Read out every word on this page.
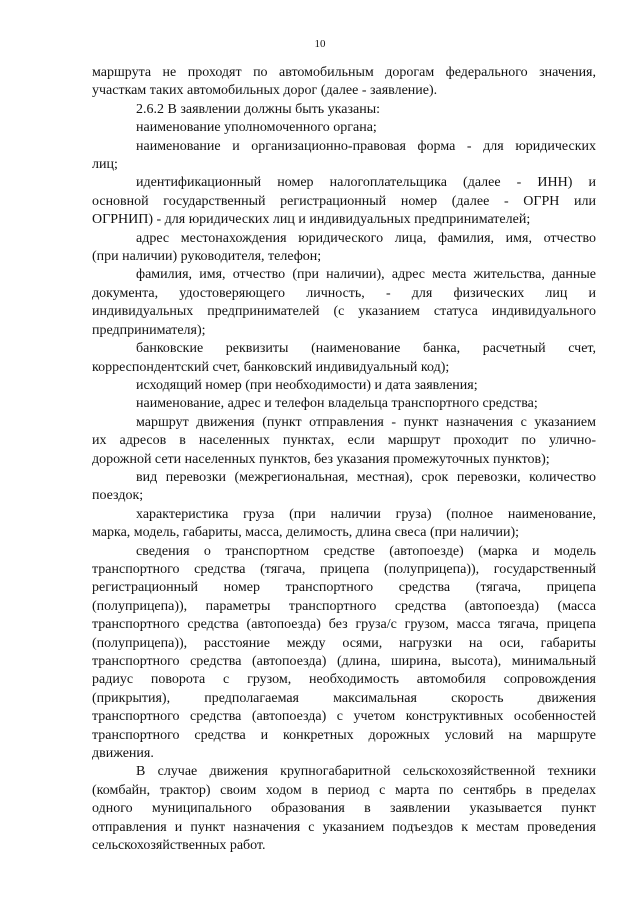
10
маршрута не проходят по автомобильным дорогам федерального значения,
участкам таких автомобильных дорог (далее - заявление).
2.6.2 В заявлении должны быть указаны:
наименование уполномоченного органа;
наименование и организационно-правовая форма - для юридических
лиц;
идентификационный номер налогоплательщика (далее - ИНН) и
основной государственный регистрационный номер (далее - ОГРН или
ОГРНИП) - для юридических лиц и индивидуальных предпринимателей;
адрес местонахождения юридического лица, фамилия, имя, отчество
(при наличии) руководителя, телефон;
фамилия, имя, отчество (при наличии), адрес места жительства, данные
документа, удостоверяющего личность, - для физических лиц и
индивидуальных предпринимателей (с указанием статуса индивидуального
предпринимателя);
банковские реквизиты (наименование банка, расчетный счет,
корреспондентский счет, банковский индивидуальный код);
исходящий номер (при необходимости) и дата заявления;
наименование, адрес и телефон владельца транспортного средства;
маршрут движения (пункт отправления - пункт назначения с указанием
их адресов в населенных пунктах, если маршрут проходит по улично-
дорожной сети населенных пунктов, без указания промежуточных пунктов);
вид перевозки (межрегиональная, местная), срок перевозки, количество
поездок;
характеристика груза (при наличии груза) (полное наименование,
марка, модель, габариты, масса, делимость, длина свеса (при наличии);
сведения о транспортном средстве (автопоезде) (марка и модель
транспортного средства (тягача, прицепа (полуприцепа)), государственный
регистрационный номер транспортного средства (тягача, прицепа
(полуприцепа)), параметры транспортного средства (автопоезда) (масса
транспортного средства (автопоезда) без груза/с грузом, масса тягача, прицепа
(полуприцепа)), расстояние между осями, нагрузки на оси, габариты
транспортного средства (автопоезда) (длина, ширина, высота), минимальный
радиус поворота с грузом, необходимость автомобиля сопровождения
(прикрытия), предполагаемая максимальная скорость движения
транспортного средства (автопоезда) с учетом конструктивных особенностей
транспортного средства и конкретных дорожных условий на маршруте
движения.
В случае движения крупногабаритной сельскохозяйственной техники
(комбайн, трактор) своим ходом в период с марта по сентябрь в пределах
одного муниципального образования в заявлении указывается пункт
отправления и пункт назначения с указанием подъездов к местам проведения
сельскохозяйственных работ.
